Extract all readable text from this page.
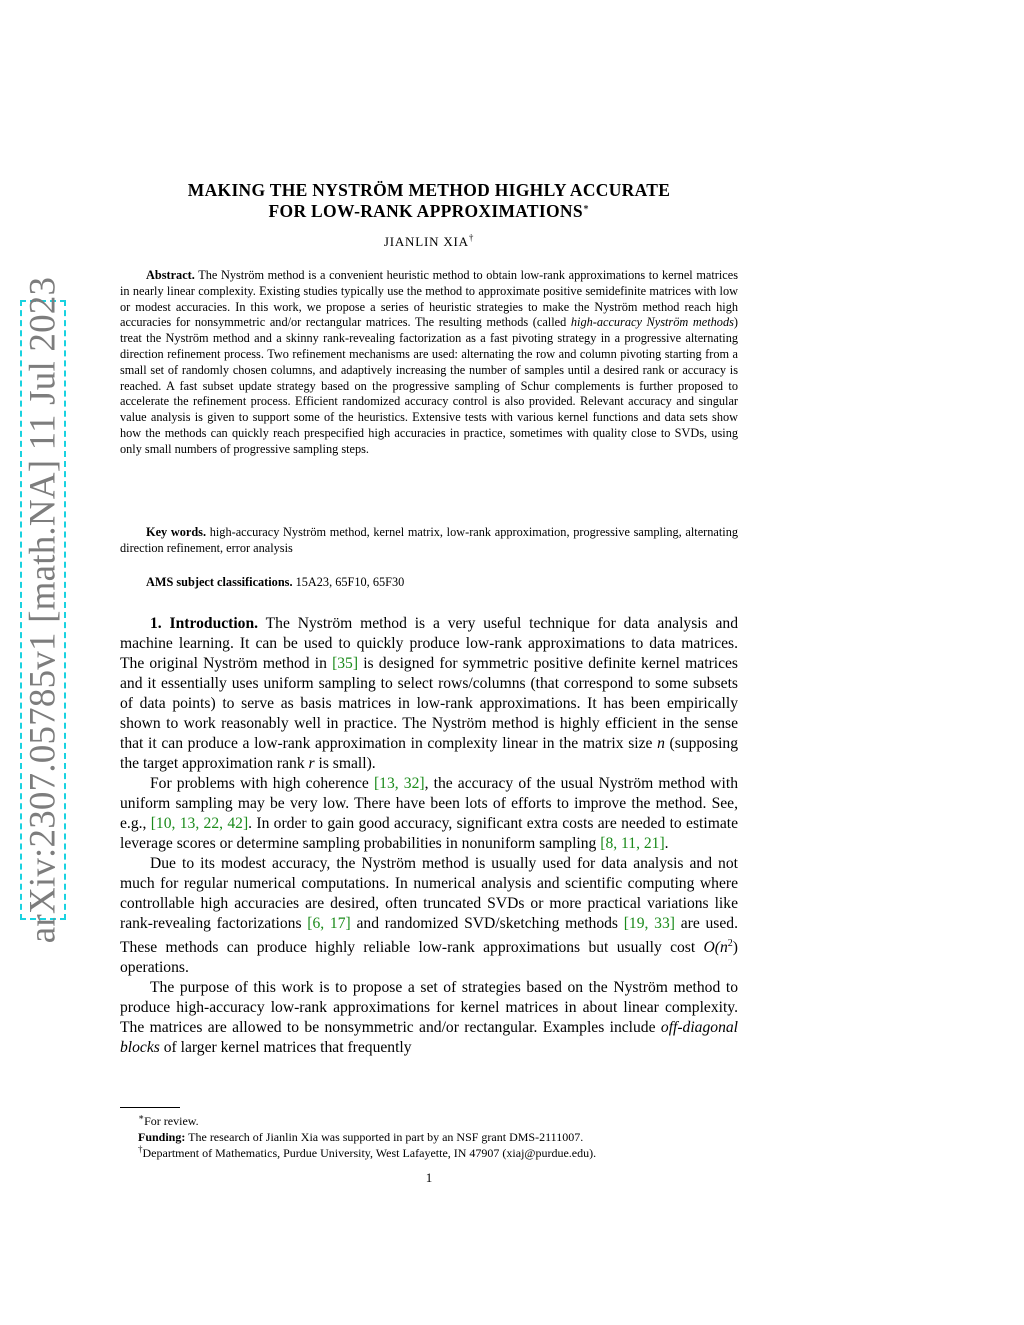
arXiv:2307.05785v1 [math.NA] 11 Jul 2023
MAKING THE NYSTRÖM METHOD HIGHLY ACCURATE
FOR LOW-RANK APPROXIMATIONS∗
JIANLIN XIA†

Abstract. The Nyström method is a convenient heuristic method to obtain low-rank approximations to kernel matrices in nearly linear complexity. Existing studies typically use the method to approximate positive semidefinite matrices with low or modest accuracies. In this work, we propose a series of heuristic strategies to make the Nyström method reach high accuracies for nonsymmetric and/or rectangular matrices. The resulting methods (called high-accuracy Nyström methods) treat the Nyström method and a skinny rank-revealing factorization as a fast pivoting strategy in a progressive alternating direction refinement process. Two refinement mechanisms are used: alternating the row and column pivoting starting from a small set of randomly chosen columns, and adaptively increasing the number of samples until a desired rank or accuracy is reached. A fast subset update strategy based on the progressive sampling of Schur complements is further proposed to accelerate the refinement process. Efficient randomized accuracy control is also provided. Relevant accuracy and singular value analysis is given to support some of the heuristics. Extensive tests with various kernel functions and data sets show how the methods can quickly reach prespecified high accuracies in practice, sometimes with quality close to SVDs, using only small numbers of progressive sampling steps.

Key words. high-accuracy Nyström method, kernel matrix, low-rank approximation, progressive sampling, alternating direction refinement, error analysis

AMS subject classifications. 15A23, 65F10, 65F30

1. Introduction. The Nyström method is a very useful technique for data analysis and machine learning. It can be used to quickly produce low-rank approximations to data matrices. The original Nyström method in [35] is designed for symmetric positive definite kernel matrices and it essentially uses uniform sampling to select rows/columns (that correspond to some subsets of data points) to serve as basis matrices in low-rank approximations. It has been empirically shown to work reasonably well in practice. The Nyström method is highly efficient in the sense that it can produce a low-rank approximation in complexity linear in the matrix size n (supposing the target approximation rank r is small).

For problems with high coherence [13, 32], the accuracy of the usual Nyström method with uniform sampling may be very low. There have been lots of efforts to improve the method. See, e.g., [10, 13, 22, 42]. In order to gain good accuracy, significant extra costs are needed to estimate leverage scores or determine sampling probabilities in nonuniform sampling [8, 11, 21].

Due to its modest accuracy, the Nyström method is usually used for data analysis and not much for regular numerical computations. In numerical analysis and scientific computing where controllable high accuracies are desired, often truncated SVDs or more practical variations like rank-revealing factorizations [6, 17] and randomized SVD/sketching methods [19, 33] are used. These methods can produce highly reliable low-rank approximations but usually cost $O(n^2)$ operations.

The purpose of this work is to propose a set of strategies based on the Nyström method to produce high-accuracy low-rank approximations for kernel matrices in about linear complexity. The matrices are allowed to be nonsymmetric and/or rectangular. Examples include off-diagonal blocks of larger kernel matrices that frequently

∗For review.
Funding: The research of Jianlin Xia was supported in part by an NSF grant DMS-2111007.
†Department of Mathematics, Purdue University, West Lafayette, IN 47907 (xiaj@purdue.edu).
1
